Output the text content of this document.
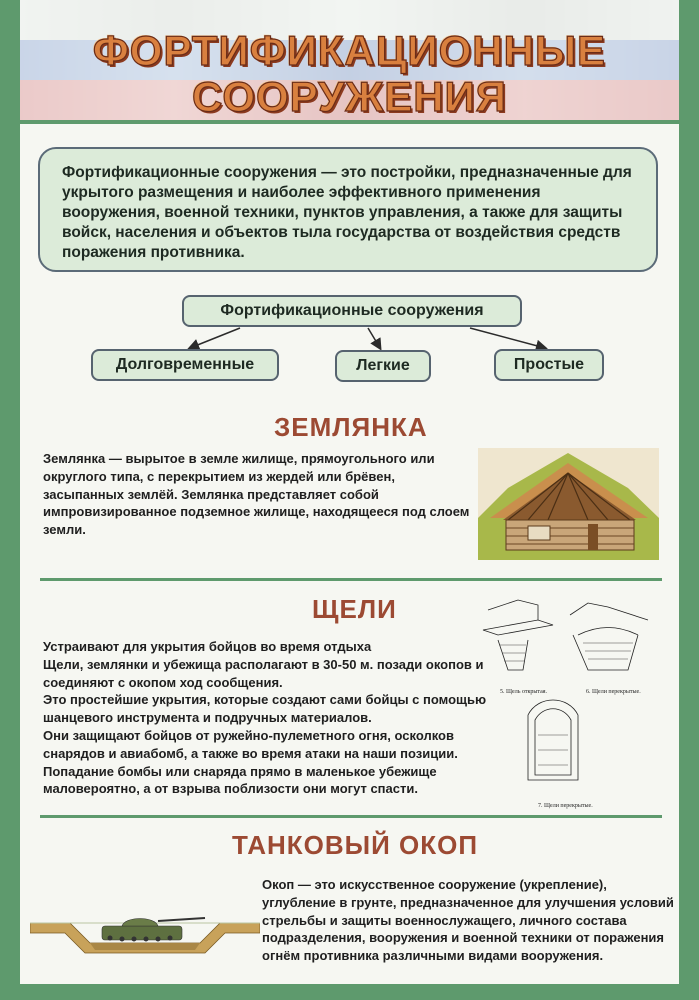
ФОРТИФИКАЦИОННЫЕ
СООРУЖЕНИЯ
Фортификационные сооружения — это постройки, предназначенные для укрытого размещения и наиболее эффективного применения вооружения, военной техники, пунктов управления, а также для защиты войск, населения и объектов тыла государства от воздействия средств поражения противника.
Фортификационные сооружения
Долговременные	Легкие	Простые
ЗЕМЛЯНКА
Землянка — вырытое в земле жилище, прямоугольного или округлого типа, с перекрытием из жердей или брёвен, засыпанных землёй. Землянка представляет собой импровизированное подземное жилище, находящееся под слоем земли.
ЩЕЛИ
Устраивают для укрытия бойцов во время отдыха
Щели, землянки и убежища располагают в 30-50 м. позади окопов и соединяют с окопом ход сообщения.
Это простейшие укрытия, которые создают сами бойцы с помощью шанцевого инструмента и подручных материалов.
Они защищают бойцов от ружейно-пулеметного огня, осколков снарядов и авиабомб, а также во время атаки на наши позиции. Попадание бомбы или снаряда прямо в маленькое убежище маловероятно, а от взрыва поблизости они могут спасти.
5. Щель открытая.	6. Щели перекрытые.
7. Щели перекрытые.
ТАНКОВЫЙ ОКОП
Окоп — это искусственное сооружение (укрепление), углубление в грунте, предназначенное для улучшения условий стрельбы и защиты военнослужащего, личного состава подразделения, вооружения и военной техники от поражения огнём противника различными видами вооружения.
